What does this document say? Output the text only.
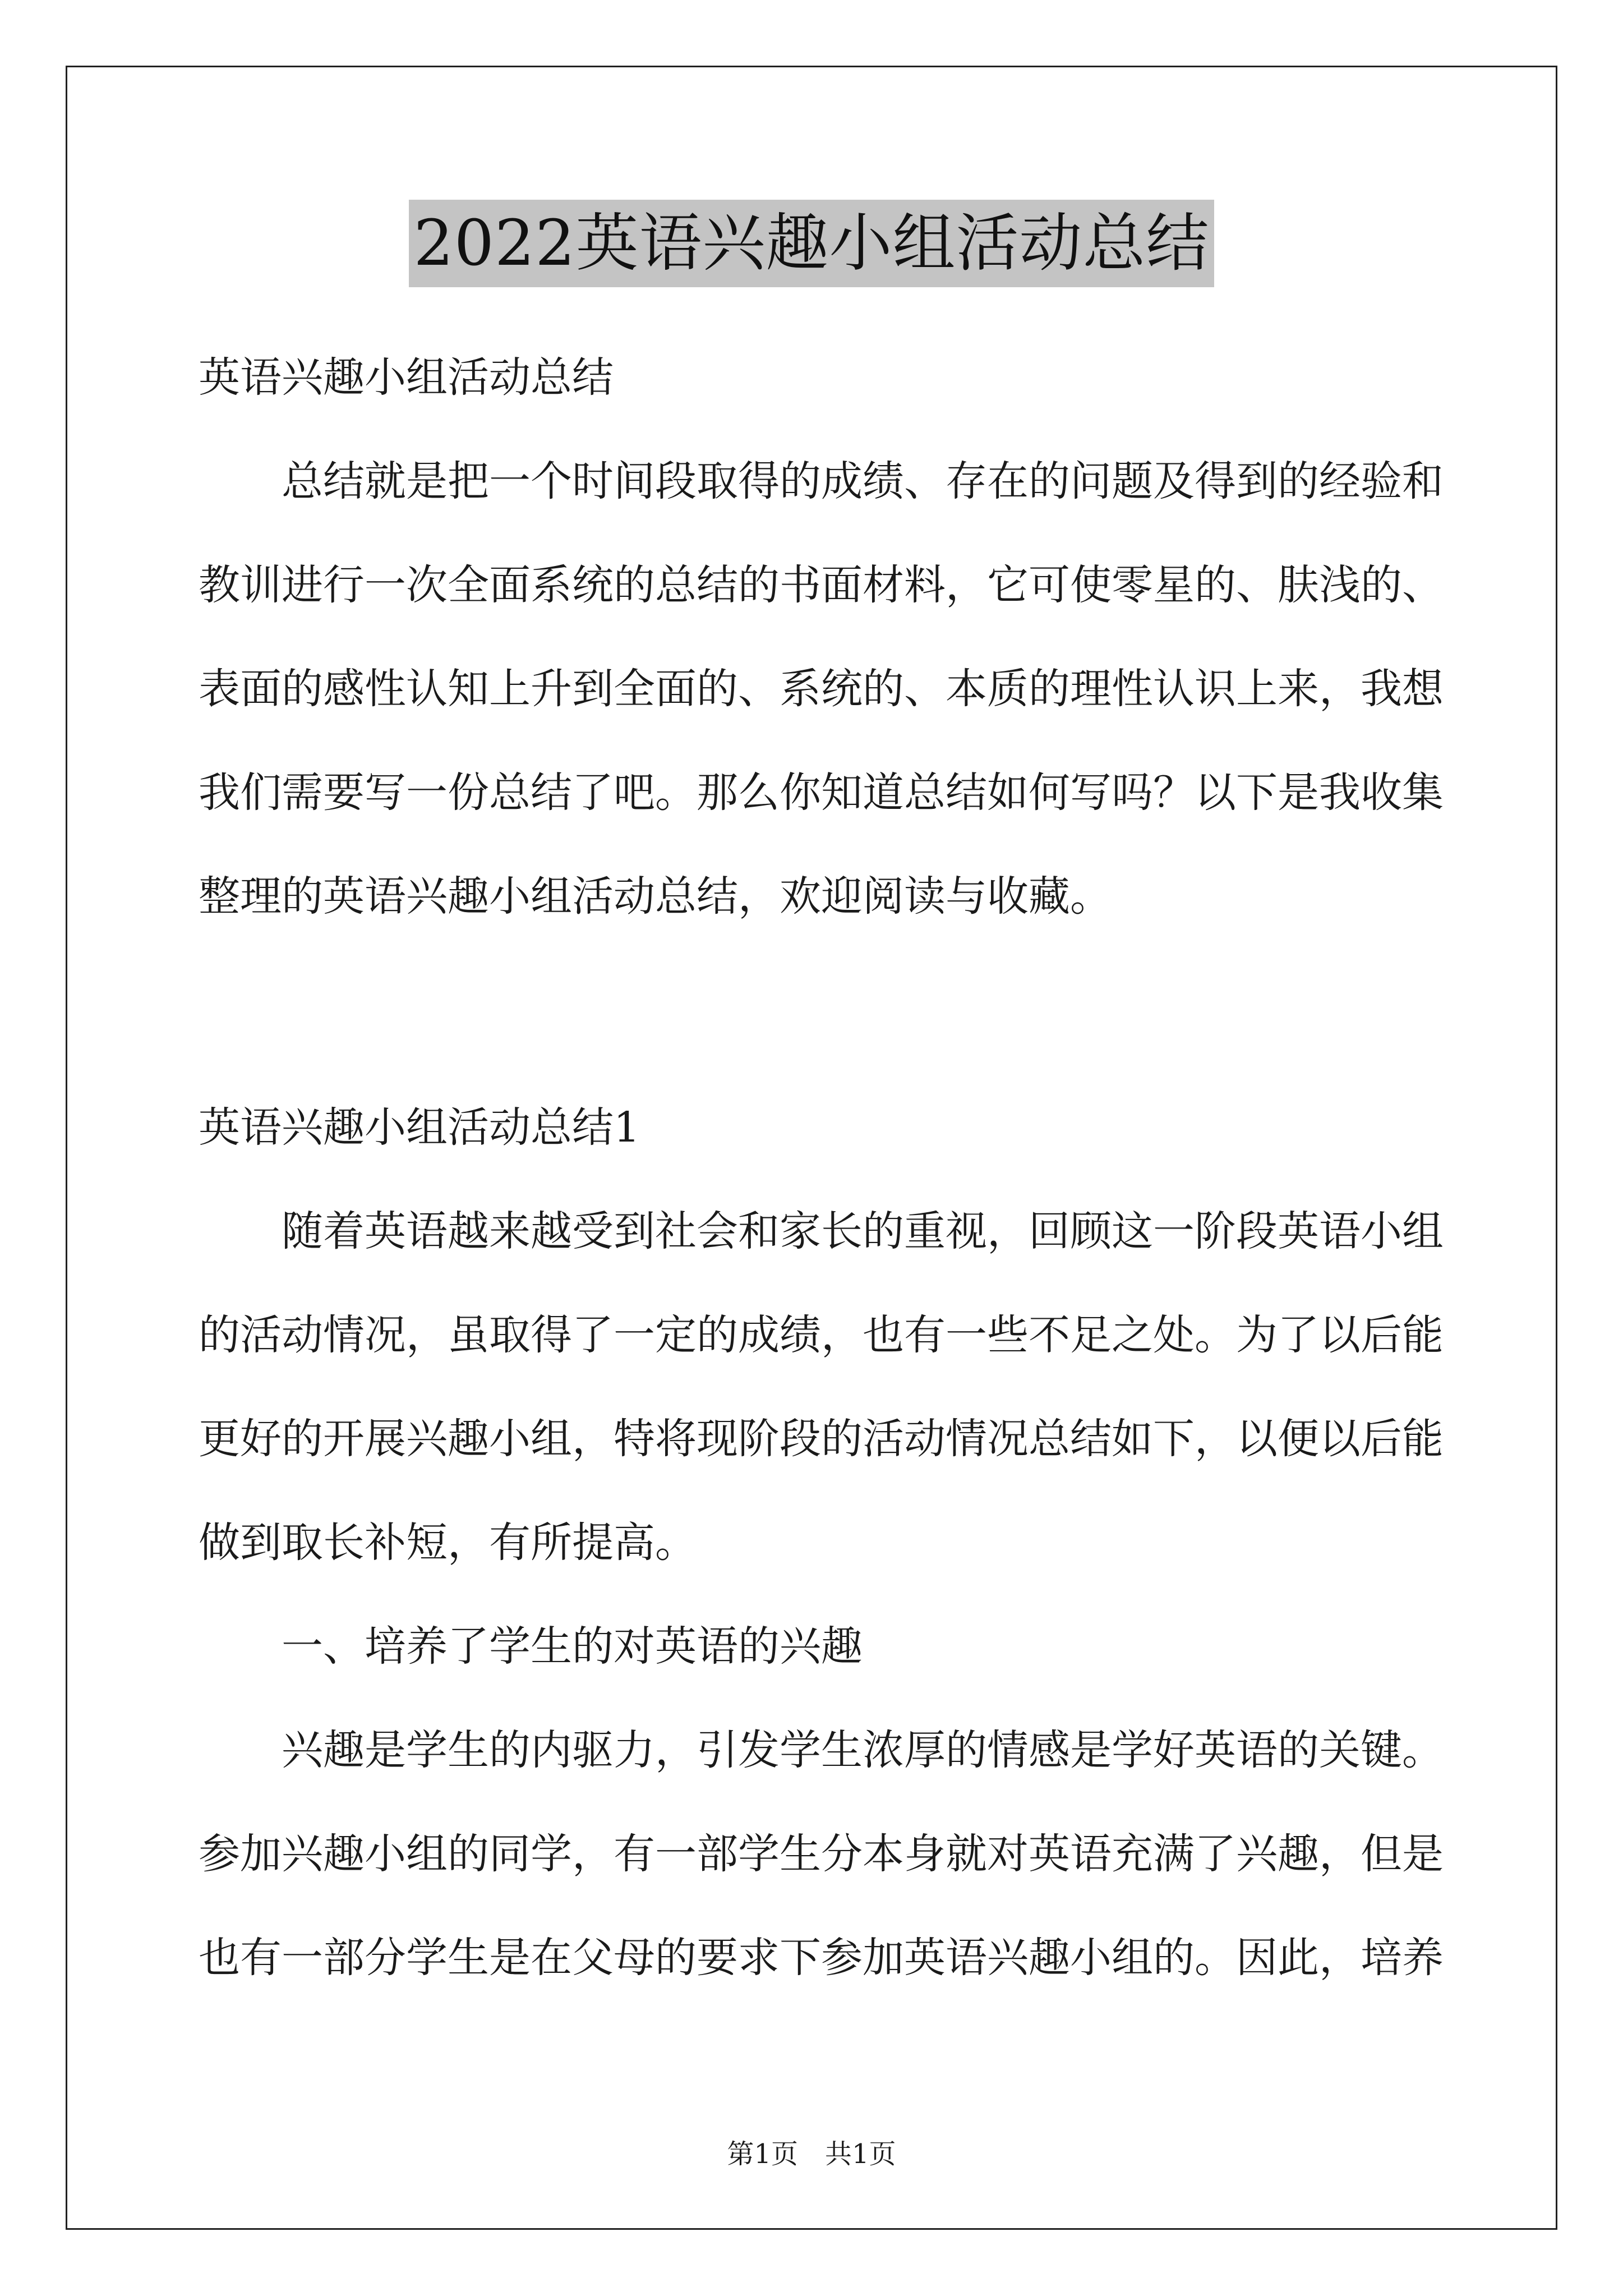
2022英语兴趣小组活动总结

英语兴趣小组活动总结

总结就是把一个时间段取得的成绩、存在的问题及得到的经验和

教训进行一次全面系统的总结的书面材料，它可使零星的、肤浅的、

表面的感性认知上升到全面的、系统的、本质的理性认识上来，我想

我们需要写一份总结了吧。那么你知道总结如何写吗？以下是我收集

整理的英语兴趣小组活动总结，欢迎阅读与收藏。

英语兴趣小组活动总结1

随着英语越来越受到社会和家长的重视，回顾这一阶段英语小组

的活动情况，虽取得了一定的成绩，也有一些不足之处。为了以后能

更好的开展兴趣小组，特将现阶段的活动情况总结如下，以便以后能

做到取长补短，有所提高。

一、培养了学生的对英语的兴趣

兴趣是学生的内驱力，引发学生浓厚的情感是学好英语的关键。

参加兴趣小组的同学，有一部学生分本身就对英语充满了兴趣，但是

也有一部分学生是在父母的要求下参加英语兴趣小组的。因此，培养

第1页　共1页
